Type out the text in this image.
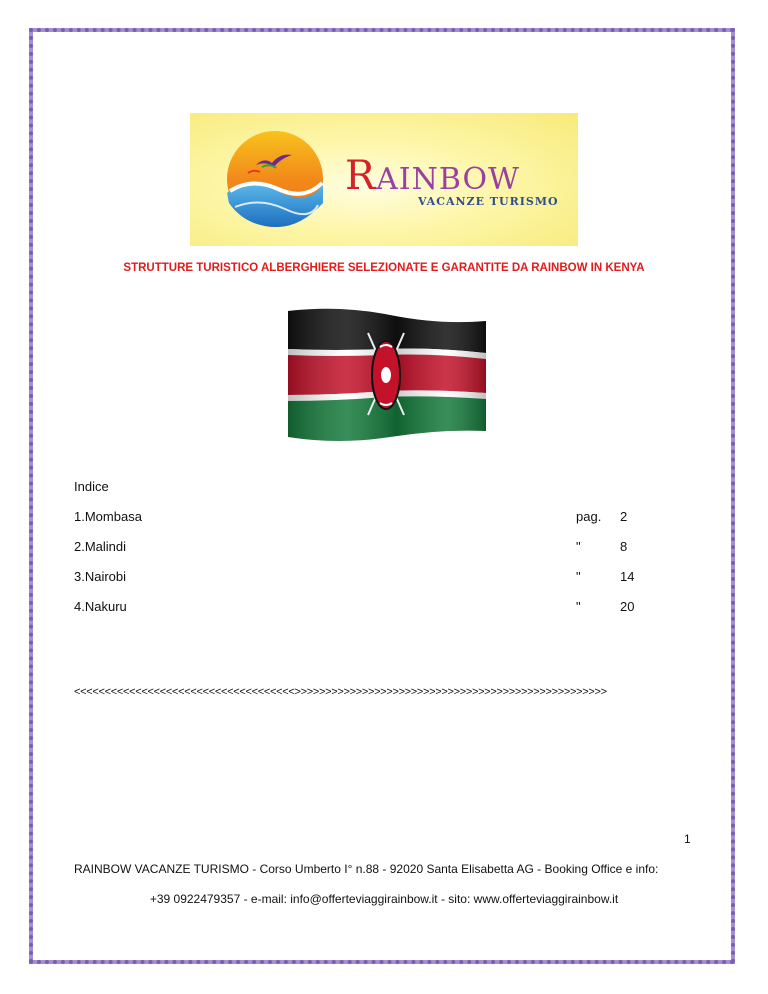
RAINBOW
VACANZE TURISMO
STRUTTURE TURISTICO ALBERGHIERE SELEZIONATE E GARANTITE DA RAINBOW IN KENYA
Indice
1.Mombasa	pag. 2
2.Malindi	"	8
3.Nairobi	"	14
4.Nakuru	"	20
<<<<<<<<<<<<<<<<<<<<<<<<<<<<<<<<<<<<>>>>>>>>>>>>>>>>>>>>>>>>>>>>>>>>>>>>>>>>>>>>>>>>>>>
1
RAINBOW VACANZE TURISMO - Corso Umberto I° n.88 - 92020 Santa Elisabetta AG - Booking Office e info:
+39 0922479357 - e-mail: info@offerteviaggirainbow.it - sito: www.offerteviaggirainbow.it
